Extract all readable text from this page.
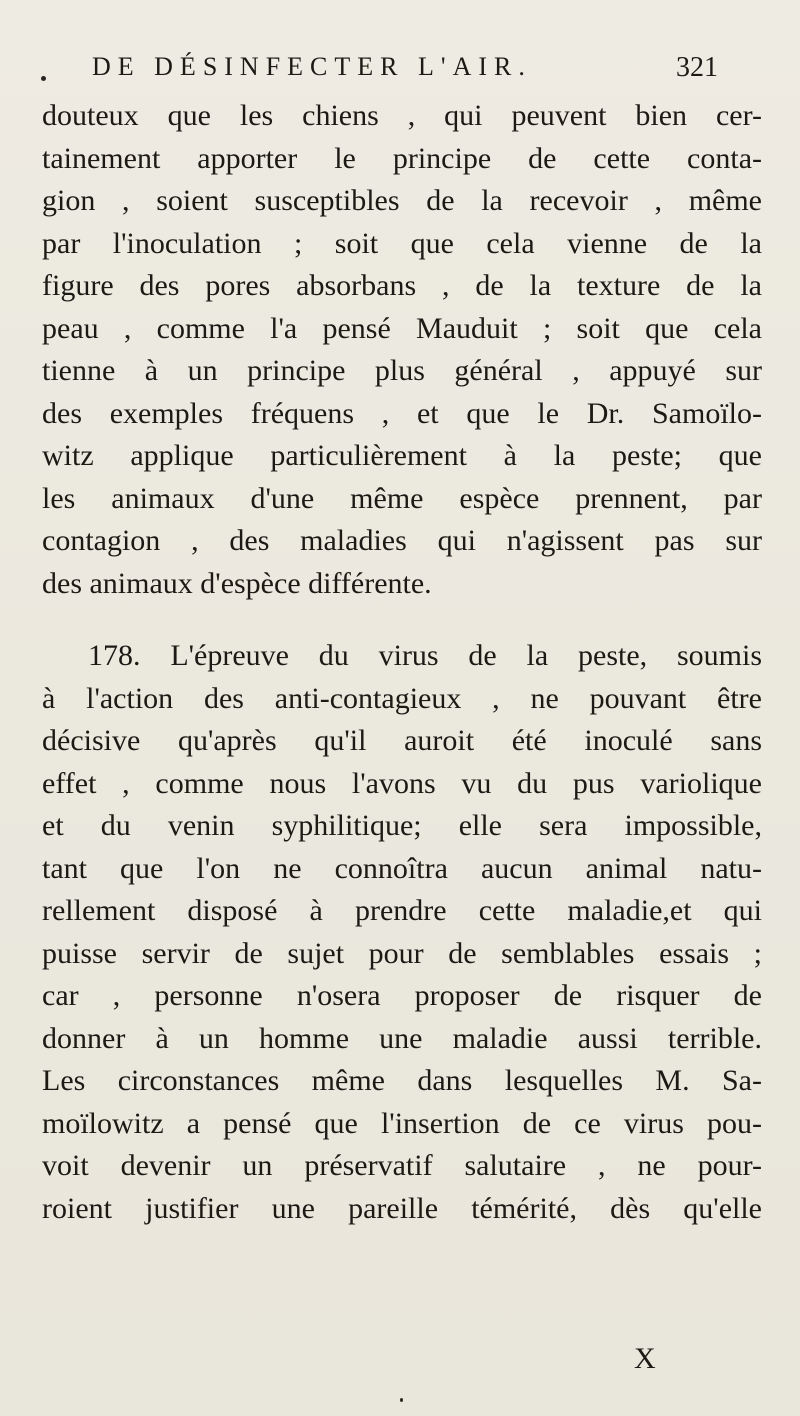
DE DÉSINFECTER L'AIR.	321
douteux que les chiens , qui peuvent bien cer-
tainement apporter le principe de cette conta-
gion , soient susceptibles de la recevoir , même
par l'inoculation ; soit que cela vienne de la
figure des pores absorbans , de la texture de la
peau , comme l'a pensé Mauduit ; soit que cela
tienne à un principe plus général , appuyé sur
des exemples fréquens , et que le Dr. Samoïlo-
witz applique particulièrement à la peste; que
les animaux d'une même espèce prennent, par
contagion , des maladies qui n'agissent pas sur
des animaux d'espèce différente.
178. L'épreuve du virus de la peste, soumis
à l'action des anti-contagieux , ne pouvant être
décisive qu'après qu'il auroit été inoculé sans
effet , comme nous l'avons vu du pus variolique
et du venin syphilitique; elle sera impossible,
tant que l'on ne connoîtra aucun animal natu-
rellement disposé à prendre cette maladie,et qui
puisse servir de sujet pour de semblables essais ;
car , personne n'osera proposer de risquer de
donner à un homme une maladie aussi terrible.
Les circonstances même dans lesquelles M. Sa-
moïlowitz a pensé que l'insertion de ce virus pou-
voit devenir un préservatif salutaire , ne pour-
roient justifier une pareille témérité, dès qu'elle
X
